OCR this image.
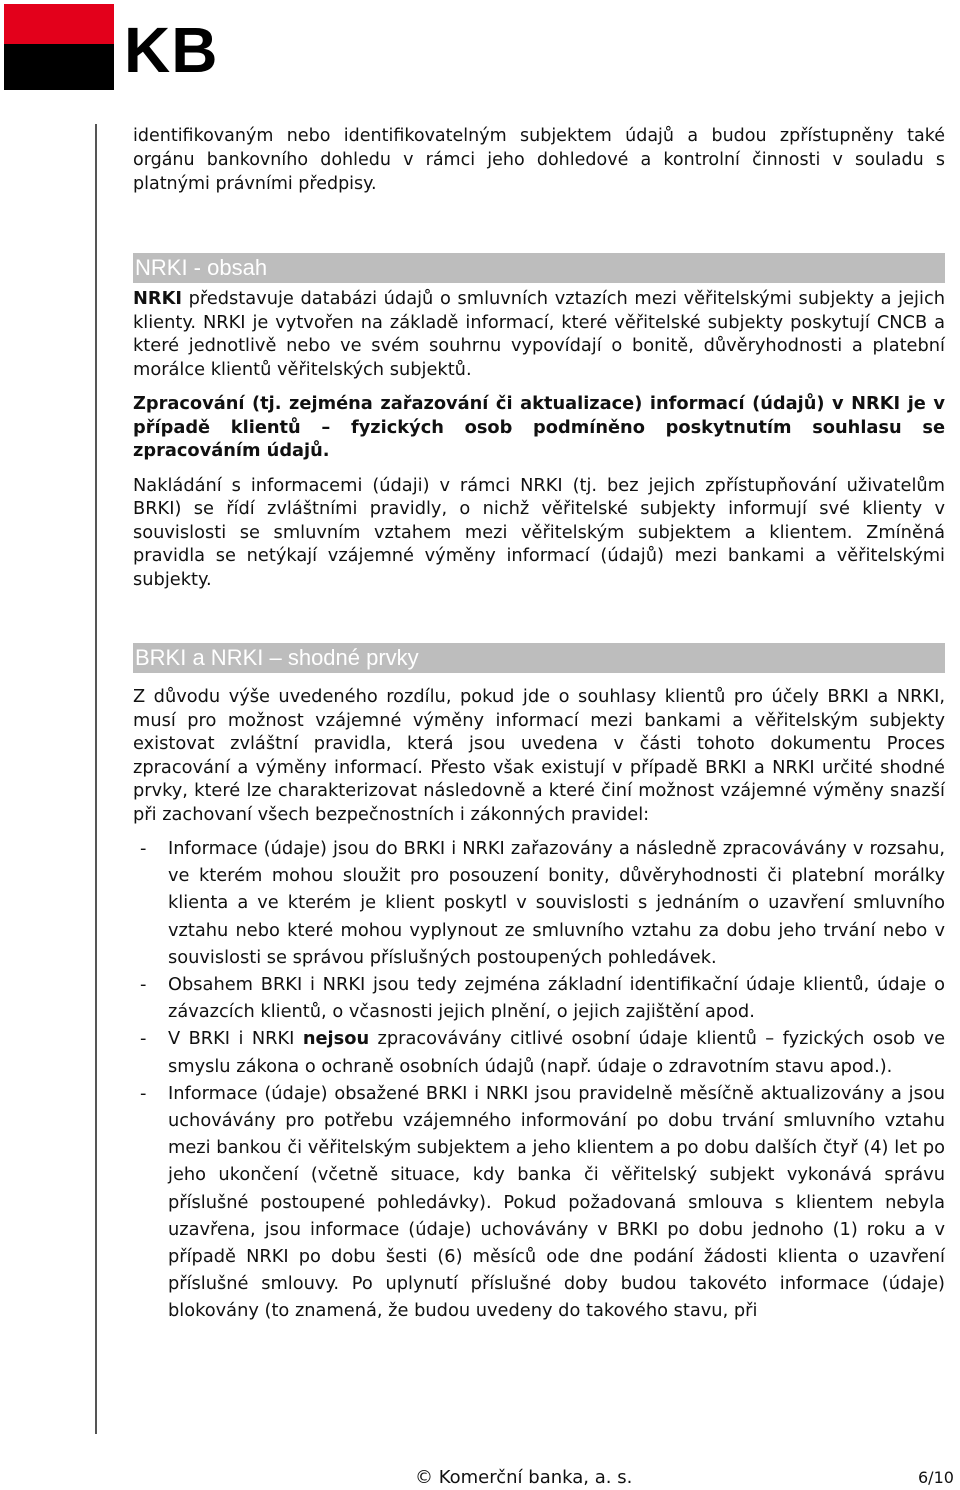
KB

identifikovaným nebo identifikovatelným subjektem údajů a budou zpřístupněny také orgánu bankovního dohledu v rámci jeho dohledové a kontrolní činnosti v souladu s platnými právními předpisy.

NRKI - obsah

NRKI představuje databázi údajů o smluvních vztazích mezi věřitelskými subjekty a jejich klienty. NRKI je vytvořen na základě informací, které věřitelské subjekty poskytují CNCB a které jednotlivě nebo ve svém souhrnu vypovídají o bonitě, důvěryhodnosti a platební morálce klientů věřitelských subjektů.

Zpracování (tj. zejména zařazování či aktualizace) informací (údajů) v NRKI je v případě klientů – fyzických osob podmíněno poskytnutím souhlasu se zpracováním údajů.

Nakládání s informacemi (údaji) v rámci NRKI (tj. bez jejich zpřístupňování uživatelům BRKI) se řídí zvláštními pravidly, o nichž věřitelské subjekty informují své klienty v souvislosti se smluvním vztahem mezi věřitelským subjektem a klientem. Zmíněná pravidla se netýkají vzájemné výměny informací (údajů) mezi bankami a věřitelskými subjekty.

BRKI a NRKI – shodné prvky

Z důvodu výše uvedeného rozdílu, pokud jde o souhlasy klientů pro účely BRKI a NRKI, musí pro možnost vzájemné výměny informací mezi bankami a věřitelským subjekty existovat zvláštní pravidla, která jsou uvedena v části tohoto dokumentu Proces zpracování a výměny informací. Přesto však existují v případě BRKI a NRKI určité shodné prvky, které lze charakterizovat následovně a které činí možnost vzájemné výměny snazší při zachovaní všech bezpečnostních i zákonných pravidel:

- Informace (údaje) jsou do BRKI i NRKI zařazovány a následně zpracovávány v rozsahu, ve kterém mohou sloužit pro posouzení bonity, důvěryhodnosti či platební morálky klienta a ve kterém je klient poskytl v souvislosti s jednáním o uzavření smluvního vztahu nebo které mohou vyplynout ze smluvního vztahu za dobu jeho trvání nebo v souvislosti se správou příslušných postoupených pohledávek.
- Obsahem BRKI i NRKI jsou tedy zejména základní identifikační údaje klientů, údaje o závazcích klientů, o včasnosti jejich plnění, o jejich zajištění apod.
- V BRKI i NRKI nejsou zpracovávány citlivé osobní údaje klientů – fyzických osob ve smyslu zákona o ochraně osobních údajů (např. údaje o zdravotním stavu apod.).
- Informace (údaje) obsažené BRKI i NRKI jsou pravidelně měsíčně aktualizovány a jsou uchovávány pro potřebu vzájemného informování po dobu trvání smluvního vztahu mezi bankou či věřitelským subjektem a jeho klientem a po dobu dalších čtyř (4) let po jeho ukončení (včetně situace, kdy banka či věřitelský subjekt vykonává správu příslušné postoupené pohledávky). Pokud požadovaná smlouva s klientem nebyla uzavřena, jsou informace (údaje) uchovávány v BRKI po dobu jednoho (1) roku a v případě NRKI po dobu šesti (6) měsíců ode dne podání žádosti klienta o uzavření příslušné smlouvy. Po uplynutí příslušné doby budou takovéto informace (údaje) blokovány (to znamená, že budou uvedeny do takového stavu, při
© Komerční banka, a. s.	6/10
